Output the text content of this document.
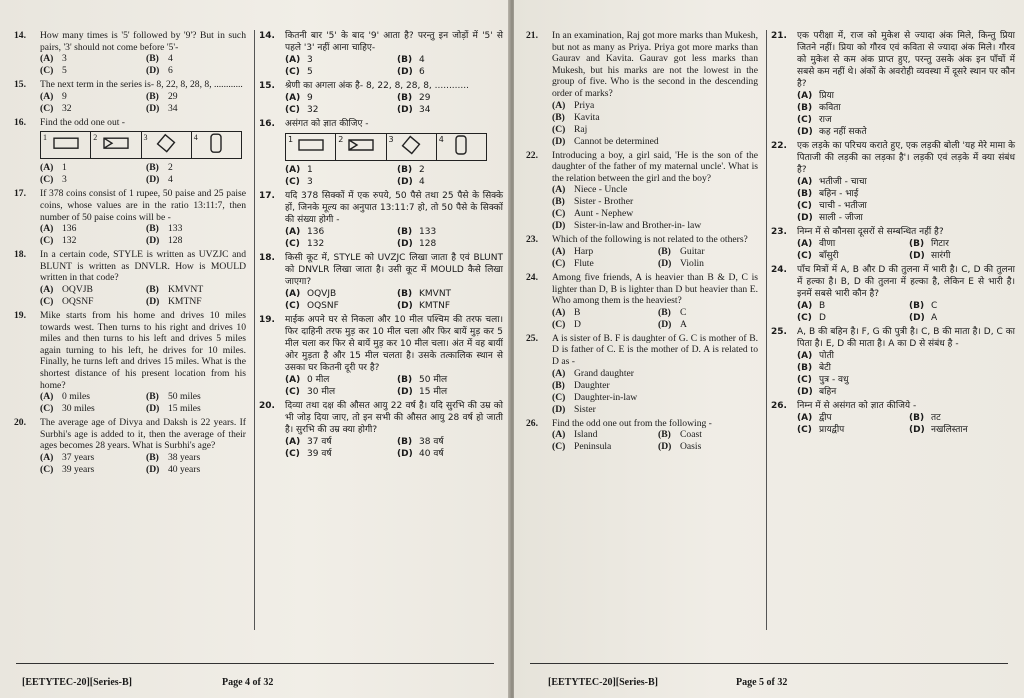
14. How many times is '5' followed by '9'? But in such pairs, '3' should not come before '5'-
(A) 3	(B) 4
(C) 5	(D) 6
15. The next term in the series is- 8, 22, 8, 28, 8, ............
(A) 9	(B) 29
(C) 32	(D) 34
16. Find the odd one out -
1	2	3	4
(A) 1	(B) 2
(C) 3	(D) 4
17. If 378 coins consist of 1 rupee, 50 paise and 25 paise coins, whose values are in the ratio 13:11:7, then number of 50 paise coins will be -
(A) 136	(B) 133
(C) 132	(D) 128
18. In a certain code, STYLE is written as UVZJC and BLUNT is written as DNVLR. How is MOULD written in that code?
(A) OQVJB	(B) KMVNT
(C) OQSNF	(D) KMTNF
19. Mike starts from his home and drives 10 miles towards west. Then turns to his right and drives 10 miles and then turns to his left and drives 5 miles again turning to his left, he drives for 10 miles. Finally, he turns left and drives 15 miles. What is the shortest distance of his present location from his home?
(A) 0 miles	(B) 50 miles
(C) 30 miles	(D) 15 miles
20. The average age of Divya and Daksh is 22 years. If Surbhi's age is added to it, then the average of their ages becomes 28 years. What is Surbhi's age?
(A) 37 years	(B) 38 years
(C) 39 years	(D) 40 years
14. कितनी बार '5' के बाद '9' आता है? परन्तु इन जोड़ों में '5' से पहले '3' नहीं आना चाहिए-
(A) 3	(B) 4
(C) 5	(D) 6
15. श्रेणी का अगला अंक है- 8, 22, 8, 28, 8, ............
(A) 9	(B) 29
(C) 32	(D) 34
16. असंगत को ज्ञात कीजिए -
1	2	3	4
(A) 1	(B) 2
(C) 3	(D) 4
17. यदि 378 सिक्कों में एक रुपये, 50 पैसे तथा 25 पैसे के सिक्के हों, जिनके मूल्य का अनुपात 13:11:7 हो, तो 50 पैसे के सिक्कों की संख्या होगी -
(A) 136	(B) 133
(C) 132	(D) 128
18. किसी कूट में, STYLE को UVZJC लिखा जाता है एवं BLUNT को DNVLR लिखा जाता है। उसी कूट में MOULD कैसे लिखा जाएगा?
(A) OQVJB	(B) KMVNT
(C) OQSNF	(D) KMTNF
19. माईक अपने घर से निकला और 10 मील पश्चिम की तरफ चला। फिर दाहिनी तरफ मुड़ कर 10 मील चला और फिर बायें मुड़ कर 5 मील चला कर फिर से बायें मुड़ कर 10 मील चला। अंत में वह बायीं ओर मुड़ता है और 15 मील चलता है। उसके तत्कालिक स्थान से उसका घर कितनी दूरी पर है?
(A) 0 मील	(B) 50 मील
(C) 30 मील	(D) 15 मील
20. दिव्या तथा दक्ष की औसत आयु 22 वर्ष है। यदि सुरभि की उम्र को भी जोड़ दिया जाए, तो इन सभी की औसत आयु 28 वर्ष हो जाती है। सुरभि की उम्र क्या होगी?
(A) 37 वर्ष	(B) 38 वर्ष
(C) 39 वर्ष	(D) 40 वर्ष
[EETYTEC-20][Series-B]	Page 4 of 32
21. In an examination, Raj got more marks than Mukesh, but not as many as Priya. Priya got more marks than Gaurav and Kavita. Gaurav got less marks than Mukesh, but his marks are not the lowest in the group of five. Who is the second in the descending order of marks?
(A) Priya
(B) Kavita
(C) Raj
(D) Cannot be determined
22. Introducing a boy, a girl said, 'He is the son of the daughter of the father of my maternal uncle'. What is the relation between the girl and the boy?
(A) Niece - Uncle
(B) Sister - Brother
(C) Aunt - Nephew
(D) Sister-in-law and Brother-in- law
23. Which of the following is not related to the others?
(A) Harp	(B) Guitar
(C) Flute	(D) Violin
24. Among five friends, A is heavier than B & D, C is lighter than D, B is lighter than D but heavier than E. Who among them is the heaviest?
(A) B	(B) C
(C) D	(D) A
25. A is sister of B. F is daughter of G. C is mother of B. D is father of C. E is the mother of D. A is related to D as -
(A) Grand daughter
(B) Daughter
(C) Daughter-in-law
(D) Sister
26. Find the odd one out from the following -
(A) Island	(B) Coast
(C) Peninsula	(D) Oasis
21. एक परीक्षा में, राज को मुकेश से ज्यादा अंक मिले, किन्तु प्रिया जितने नहीं। प्रिया को गौरव एवं कविता से ज्यादा अंक मिले। गौरव को मुकेश से कम अंक प्राप्त हुए, परन्तु उसके अंक इन पाँचों में सबसे कम नहीं थे। अंकों के अवरोही व्यवस्था में दूसरे स्थान पर कौन है?
(A) प्रिया
(B) कविता
(C) राज
(D) कह नहीं सकते
22. एक लड़के का परिचय कराते हुए, एक लड़की बोली 'यह मेरे मामा के पिताजी की लड़की का लड़का है'। लड़की एवं लड़के में क्या संबंध है?
(A) भतीजी - चाचा
(B) बहिन - भाई
(C) चाची - भतीजा
(D) साली - जीजा
23. निम्न में से कौनसा दूसरों से सम्बन्धित नहीं है?
(A) वीणा	(B) गिटार
(C) बाँसुरी	(D) सारंगी
24. पाँच मित्रों में A, B और D की तुलना में भारी है। C, D की तुलना में हल्का है। B, D की तुलना में हल्का है, लेकिन E से भारी है। इनमें सबसे भारी कौन है?
(A) B	(B) C
(C) D	(D) A
25. A, B की बहिन है। F, G की पुत्री है। C, B की माता है। D, C का पिता है। E, D की माता है। A का D से संबंध है -
(A) पोती
(B) बेटी
(C) पुत्र - वधु
(D) बहिन
26. निम्न में से असंगत को ज्ञात कीजिये -
(A) द्वीप	(B) तट
(C) प्रायद्वीप	(D) नखलिस्तान
[EETYTEC-20][Series-B]	Page 5 of 32
